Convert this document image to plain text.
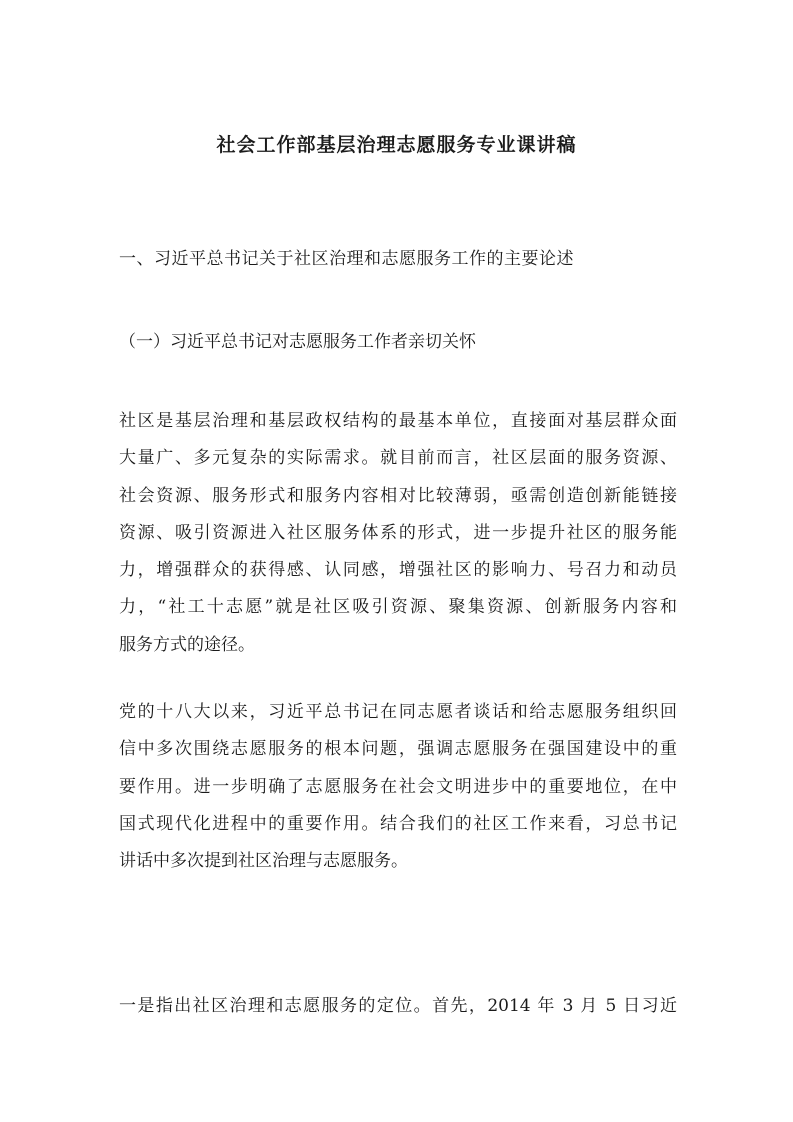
社会工作部基层治理志愿服务专业课讲稿

一、习近平总书记关于社区治理和志愿服务工作的主要论述

（一）习近平总书记对志愿服务工作者亲切关怀

社区是基层治理和基层政权结构的最基本单位，直接面对基层群众面
大量广、多元复杂的实际需求。就目前而言，社区层面的服务资源、
社会资源、服务形式和服务内容相对比较薄弱，亟需创造创新能链接
资源、吸引资源进入社区服务体系的形式，进一步提升社区的服务能
力，增强群众的获得感、认同感，增强社区的影响力、号召力和动员
力，“社工十志愿”就是社区吸引资源、聚集资源、创新服务内容和
服务方式的途径。
党的十八大以来，习近平总书记在同志愿者谈话和给志愿服务组织回
信中多次围绕志愿服务的根本问题，强调志愿服务在强国建设中的重
要作用。进一步明确了志愿服务在社会文明进步中的重要地位，在中
国式现代化进程中的重要作用。结合我们的社区工作来看，习总书记
讲话中多次提到社区治理与志愿服务。
一是指出社区治理和志愿服务的定位。首先，2014 年 3 月 5 日习近
